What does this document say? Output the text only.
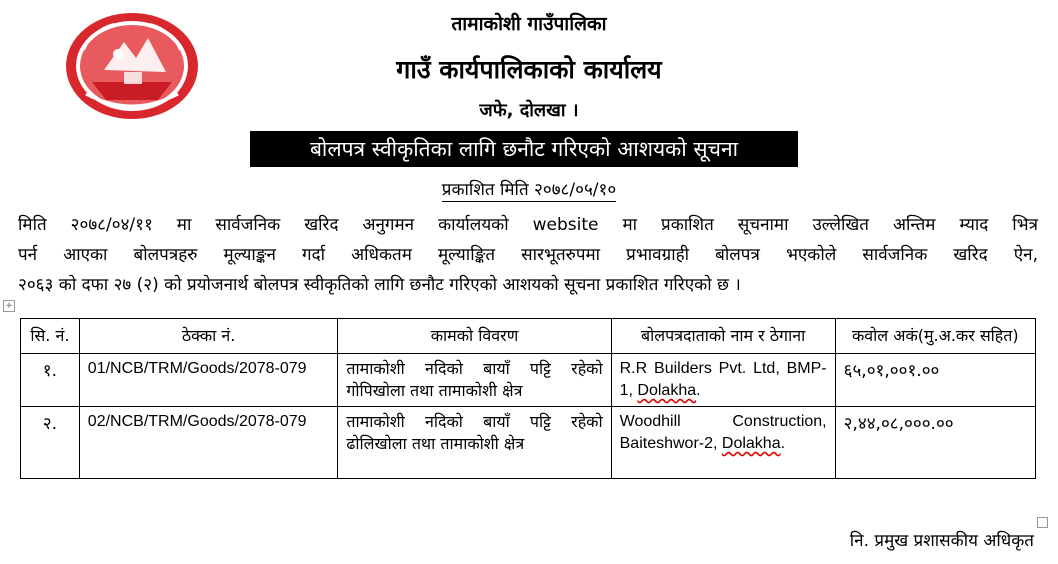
तामाकोशी गाउँपालिका
गाउँ कार्यपालिकाको कार्यालय
जफे, दोलखा ।
बोलपत्र स्वीकृतिका लागि छनौट गरिएको आशयको सूचना
प्रकाशित मिति २०७८/०५/१०
मिति २०७८/०४/११ मा सार्वजनिक खरिद अनुगमन कार्यालयको website मा प्रकाशित सूचनामा उल्लेखित अन्तिम म्याद भित्र
पर्न आएका बोलपत्रहरु मूल्याङ्कन गर्दा अधिकतम मूल्याङ्कित सारभूतरुपमा प्रभावग्राही बोलपत्र भएकोले सार्वजनिक खरिद ऐन,
२०६३ को दफा २७ (२) को प्रयोजनार्थ बोलपत्र स्वीकृतिको लागि छनौट गरिएको आशयको सूचना प्रकाशित गरिएको छ ।
+
सि. नं.	ठेक्का नं.	कामको विवरण	बोलपत्रदाताको नाम र ठेगाना	कवोल अकं(मु.अ.कर सहित)
१.	01/NCB/TRM/Goods/2078-079	तामाकोशी नदिको बायाँ पट्टि रहेको गोपिखोला तथा तामाकोशी क्षेत्र	R.R Builders Pvt. Ltd, BMP-1, Dolakha.	६५,०१,००१.००
२.	02/NCB/TRM/Goods/2078-079	तामाकोशी नदिको बायाँ पट्टि रहेको ढोलिखोला तथा तामाकोशी क्षेत्र	Woodhill Construction, Baiteshwor-2, Dolakha.	२,४४,०८,०००.००
नि. प्रमुख प्रशासकीय अधिकृत
